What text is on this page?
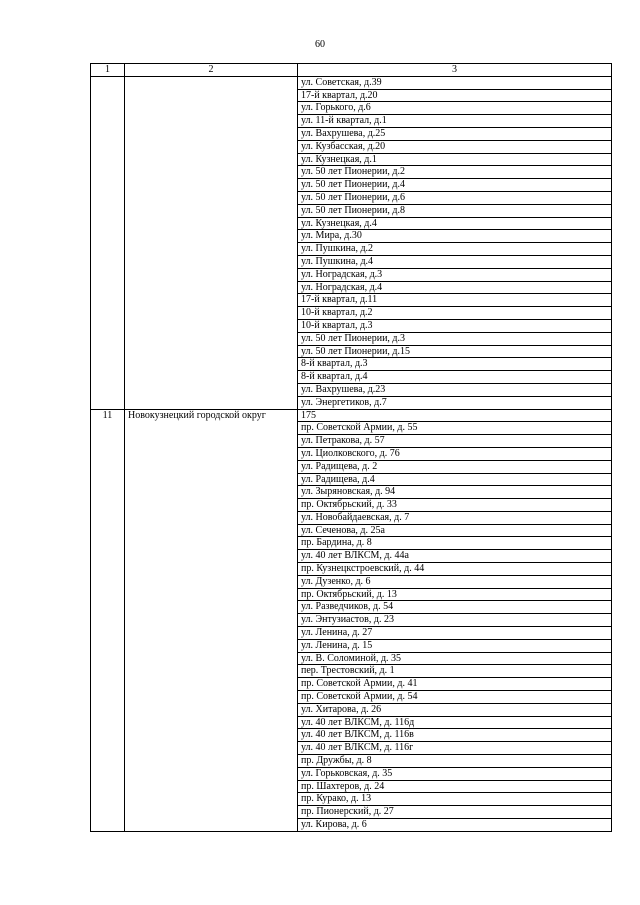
60
1	2	3
		ул. Советская, д.39
		17-й квартал, д.20
		ул. Горького, д.6
		ул. 11-й квартал, д.1
		ул. Вахрушева, д.25
		ул. Кузбасская, д.20
		ул. Кузнецкая, д.1
		ул. 50 лет Пионерии, д.2
		ул. 50 лет Пионерии, д.4
		ул. 50 лет Пионерии, д.6
		ул. 50 лет Пионерии, д.8
		ул. Кузнецкая, д.4
		ул. Мира, д.30
		ул. Пушкина, д.2
		ул. Пушкина, д.4
		ул. Ноградская, д.3
		ул. Ноградская, д.4
		17-й квартал, д.11
		10-й квартал, д.2
		10-й квартал, д.3
		ул. 50 лет Пионерии, д.3
		ул. 50 лет Пионерии, д.15
		8-й квартал, д.3
		8-й квартал, д.4
		ул. Вахрушева, д.23
		ул. Энергетиков, д.7
11	Новокузнецкий городской округ	175
		пр. Советской Армии, д. 55
		ул. Петракова, д. 57
		ул. Циолковского, д. 76
		ул. Радищева, д. 2
		ул. Радищева, д.4
		ул. Зыряновская, д. 94
		пр. Октябрьский, д. 33
		ул. Новобайдаевская, д. 7
		ул. Сеченова, д. 25а
		пр. Бардина, д. 8
		ул. 40 лет ВЛКСМ, д. 44а
		пр. Кузнецкстроевский, д. 44
		ул. Дузенко, д. 6
		пр. Октябрьский, д. 13
		ул. Разведчиков, д. 54
		ул. Энтузиастов, д. 23
		ул. Ленина, д. 27
		ул. Ленина, д. 15
		ул. В. Соломиной, д. 35
		пер. Трестовский, д. 1
		пр. Советской Армии, д. 41
		пр. Советской Армии, д. 54
		ул. Хитарова, д. 26
		ул. 40 лет ВЛКСМ, д. 116д
		ул. 40 лет ВЛКСМ, д. 116в
		ул. 40 лет ВЛКСМ, д. 116г
		пр. Дружбы, д. 8
		ул. Горьковская, д. 35
		пр. Шахтеров, д. 24
		пр. Курако, д. 13
		пр. Пионерский, д. 27
		ул. Кирова, д. 6
